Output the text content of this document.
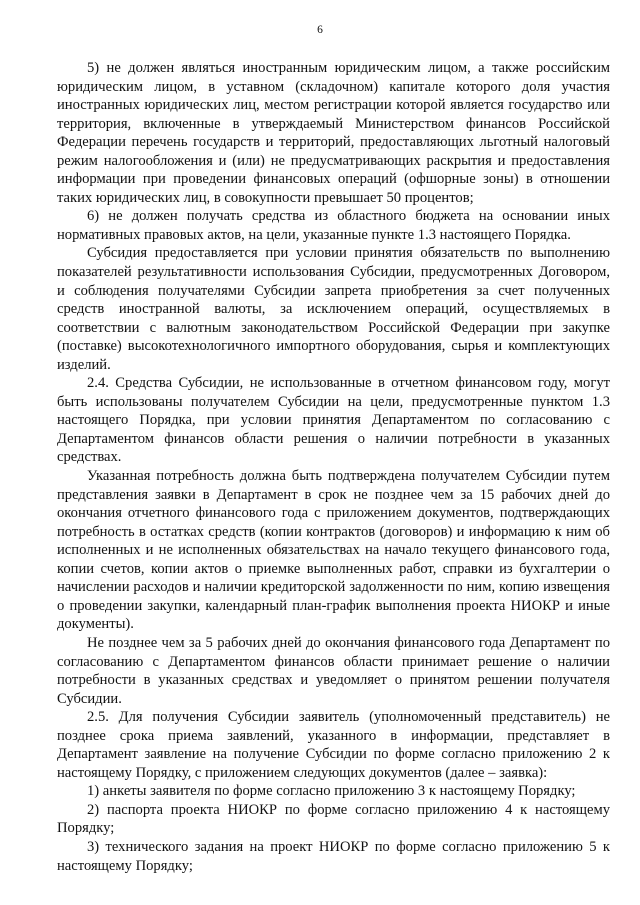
6

5) не должен являться иностранным юридическим лицом, а также российским юридическим лицом, в уставном (складочном) капитале которого доля участия иностранных юридических лиц, местом регистрации которой является государство или территория, включенные в утверждаемый Министерством финансов Российской Федерации перечень государств и территорий, предоставляющих льготный налоговый режим налогообложения и (или) не предусматривающих раскрытия и предоставления информации при проведении финансовых операций (офшорные зоны) в отношении таких юридических лиц, в совокупности превышает 50 процентов;

6) не должен получать средства из областного бюджета на основании иных нормативных правовых актов, на цели, указанные пункте 1.3 настоящего Порядка.

Субсидия предоставляется при условии принятия обязательств по выполнению показателей результативности использования Субсидии, предусмотренных Договором, и соблюдения получателями Субсидии запрета приобретения за счет полученных средств иностранной валюты, за исключением операций, осуществляемых в соответствии с валютным законодательством Российской Федерации при закупке (поставке) высокотехнологичного импортного оборудования, сырья и комплектующих изделий.

2.4. Средства Субсидии, не использованные в отчетном финансовом году, могут быть использованы получателем Субсидии на цели, предусмотренные пунктом 1.3 настоящего Порядка, при условии принятия Департаментом по согласованию с Департаментом финансов области решения о наличии потребности в указанных средствах.

Указанная потребность должна быть подтверждена получателем Субсидии путем представления заявки в Департамент в срок не позднее чем за 15 рабочих дней до окончания отчетного финансового года с приложением документов, подтверждающих потребность в остатках средств (копии контрактов (договоров) и информацию к ним об исполненных и не исполненных обязательствах на начало текущего финансового года, копии счетов, копии актов о приемке выполненных работ, справки из бухгалтерии о начислении расходов и наличии кредиторской задолженности по ним, копию извещения о проведении закупки, календарный план-график выполнения проекта НИОКР и иные документы).

Не позднее чем за 5 рабочих дней до окончания финансового года Департамент по согласованию с Департаментом финансов области принимает решение о наличии потребности в указанных средствах и уведомляет о принятом решении получателя Субсидии.

2.5. Для получения Субсидии заявитель (уполномоченный представитель) не позднее срока приема заявлений, указанного в информации, представляет в Департамент заявление на получение Субсидии по форме согласно приложению 2 к настоящему Порядку, с приложением следующих документов (далее – заявка):

1) анкеты заявителя по форме согласно приложению 3 к настоящему Порядку;

2) паспорта проекта НИОКР по форме согласно приложению 4 к настоящему Порядку;

3) технического задания на проект НИОКР по форме согласно приложению 5 к настоящему Порядку;
